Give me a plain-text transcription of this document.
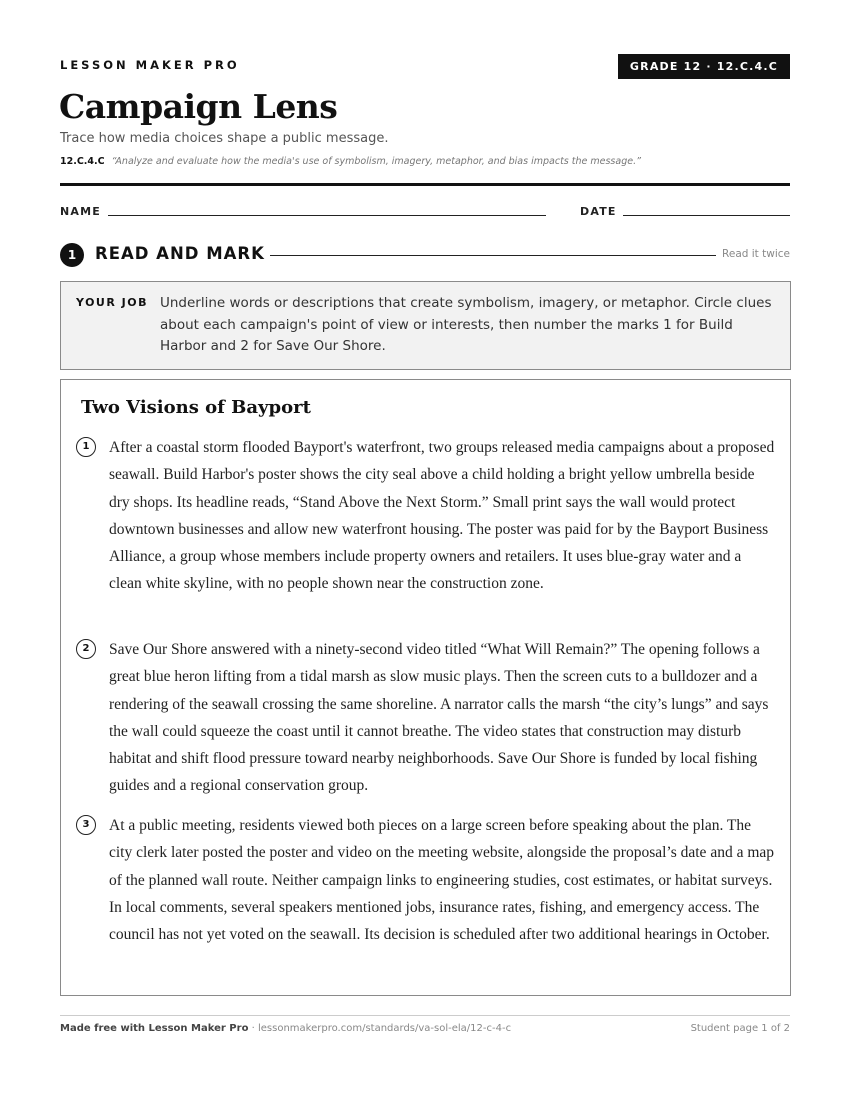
LESSON MAKER PRO	GRADE 12 · 12.C.4.C
Campaign Lens
Trace how media choices shape a public message.
12.C.4.C “Analyze and evaluate how the media's use of symbolism, imagery, metaphor, and bias impacts the message.”
NAME	DATE
1	READ AND MARK	Read it twice
YOUR JOB Underline words or descriptions that create symbolism, imagery, or metaphor. Circle clues about each campaign's point of view or interests, then number the marks 1 for Build Harbor and 2 for Save Our Shore.
Two Visions of Bayport
1	After a coastal storm flooded Bayport's waterfront, two groups released media campaigns about a proposed seawall. Build Harbor's poster shows the city seal above a child holding a bright yellow umbrella beside dry shops. Its headline reads, “Stand Above the Next Storm.” Small print says the wall would protect downtown businesses and allow new waterfront housing. The poster was paid for by the Bayport Business Alliance, a group whose members include property owners and retailers. It uses blue-gray water and a clean white skyline, with no people shown near the construction zone.

2	Save Our Shore answered with a ninety-second video titled “What Will Remain?” The opening follows a great blue heron lifting from a tidal marsh as slow music plays. Then the screen cuts to a bulldozer and a rendering of the seawall crossing the same shoreline. A narrator calls the marsh “the city’s lungs” and says the wall could squeeze the coast until it cannot breathe. The video states that construction may disturb habitat and shift flood pressure toward nearby neighborhoods. Save Our Shore is funded by local fishing guides and a regional conservation group.

3	At a public meeting, residents viewed both pieces on a large screen before speaking about the plan. The city clerk later posted the poster and video on the meeting website, alongside the proposal’s date and a map of the planned wall route. Neither campaign links to engineering studies, cost estimates, or habitat surveys. In local comments, several speakers mentioned jobs, insurance rates, fishing, and emergency access. The council has not yet voted on the seawall. Its decision is scheduled after two additional hearings in October.

Made free with Lesson Maker Pro · lessonmakerpro.com/standards/va-sol-ela/12-c-4-c	Student page 1 of 2
